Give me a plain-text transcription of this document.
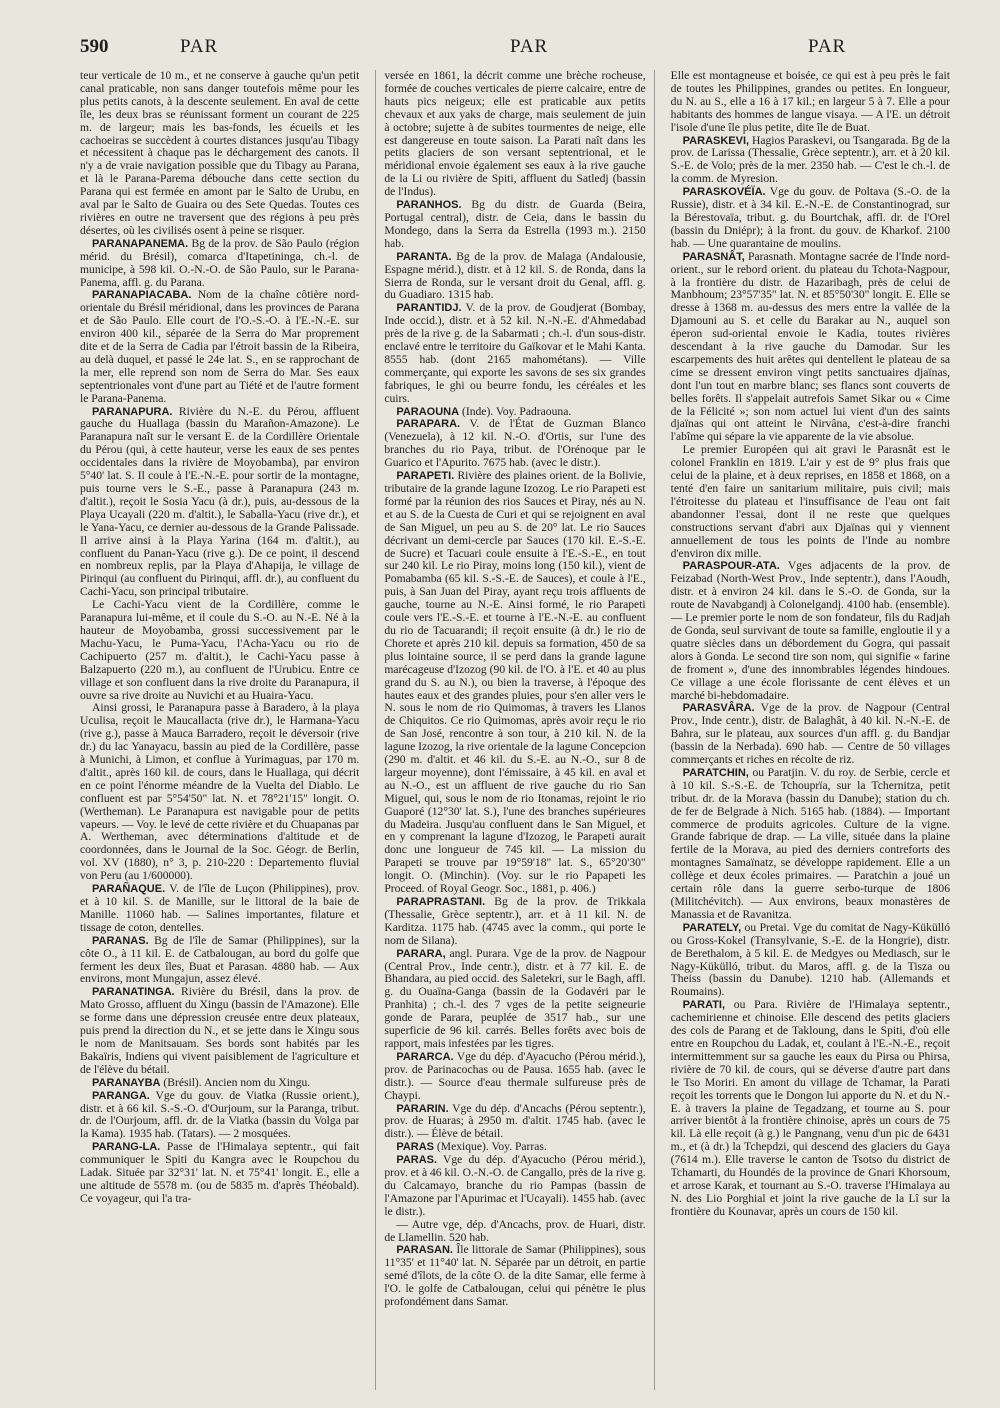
590	PAR	PAR	PAR

teur verticale de 10 m., et ne conserve à gauche qu'un petit canal praticable, non sans danger toutefois même pour les plus petits canots, à la descente seulement. En aval de cette île, les deux bras se réunissant forment un courant de 225 m. de largeur; mais les bas-fonds, les écueils et les cachoeiras se succèdent à courtes distances jusqu'au Tibagy et nécessitent à chaque pas le déchargement des canots. Il n'y a de vraie navigation possible que du Tibagy au Parana, et là le Parana-Parema débouche dans cette section du Parana qui est fermée en amont par le Salto de Urubu, en aval par le Salto de Guaira ou des Sete Quedas. Toutes ces rivières en outre ne traversent que des régions à peu près désertes, où les civilisés osent à peine se risquer.

PARANAPANEMA. Bg de la prov. de São Paulo (région mérid. du Brésil), comarca d'Itapetininga, ch.-l. de municipe, à 598 kil. O.-N.-O. de São Paulo, sur le Parana-Panema, affl. g. du Parana.

PARANAPIACABA. Nom de la chaîne côtière nord-orientale du Brésil méridional, dans les provinces de Parana et de São Paulo. Elle court de l'O.-S.-O. à l'E.-N.-E. sur environ 400 kil., séparée de la Serra do Mar proprement dite et de la Serra de Cadia par l'étroit bassin de la Ribeira, au delà duquel, et passé le 24e lat. S., en se rapprochant de la mer, elle reprend son nom de Serra do Mar. Ses eaux septentrionales vont d'une part au Tiété et de l'autre forment le Parana-Panema.

PARANAPURA. Rivière du N.-E. du Pérou, affluent gauche du Huallaga (bassin du Marañon-Amazone). Le Paranapura naît sur le versant E. de la Cordillère Orientale du Pérou (qui, à cette hauteur, verse les eaux de ses pentes occidentales dans la rivière de Moyobamba), par environ 5°40' lat. S. Il coule à l'E.-N.-E. pour sortir de la montagne, puis tourne vers le S.-E., passe à Paranapura (243 m. d'altit.), reçoit le Sosia Yacu (à dr.), puis, au-dessous de la Playa Ucayali (220 m. d'altit.), le Saballa-Yacu (rive dr.), et le Yana-Yacu, ce dernier au-dessous de la Grande Palissade. Il arrive ainsi à la Playa Yarina (164 m. d'altit.), au confluent du Panan-Yacu (rive g.). De ce point, il descend en nombreux replis, par la Playa d'Ahapija, le village de Pirinqui (au confluent du Pirinqui, affl. dr.), au confluent du Cachi-Yacu, son principal tributaire.

Le Cachi-Yacu vient de la Cordillère, comme le Paranapura lui-même, et il coule du S.-O. au N.-E. Né à la hauteur de Moyobamba, grossi successivement par le Machu-Yacu, le Puma-Yacu, l'Acha-Yacu ou rio de Cachipuerto (257 m. d'altit.), le Cachi-Yacu passe à Balzapuerto (220 m.), au confluent de l'Urubicu. Entre ce village et son confluent dans la rive droite du Paranapura, il ouvre sa rive droite au Nuvichi et au Huaira-Yacu.

Ainsi grossi, le Paranapura passe à Baradero, à la playa Uculisa, reçoit le Maucallacta (rive dr.), le Harmana-Yacu (rive g.), passe à Mauca Barradero, reçoit le déversoir (rive dr.) du lac Yanayacu, bassin au pied de la Cordillère, passe à Munichi, à Limon, et conflue à Yurimaguas, par 170 m. d'altit., après 160 kil. de cours, dans le Huallaga, qui décrit en ce point l'énorme méandre de la Vuelta del Diablo. Le confluent est par 5°54'50" lat. N. et 78°21'15" longit. O. (Wertheman). Le Paranapura est navigable pour de petits vapeurs. — Voy. le levé de cette rivière et du Chuapanas par A. Wertheman, avec déterminations d'altitude et de coordonnées, dans le Journal de la Soc. Géogr. de Berlin, vol. XV (1880), n° 3, p. 210-220 : Departemento fluvial von Peru (au 1/600000).

PARAÑAQUE. V. de l'île de Luçon (Philippines), prov. et à 10 kil. S. de Manille, sur le littoral de la baie de Manille. 11060 hab. — Salines importantes, filature et tissage de coton, dentelles.

PARANAS. Bg de l'île de Samar (Philippines), sur la côte O., à 11 kil. E. de Catbalougan, au bord du golfe que ferment les deux îles, Buat et Parasan. 4880 hab. — Aux environs, mont Mungajun, assez élevé.

PARANATINGA. Rivière du Brésil, dans la prov. de Mato Grosso, affluent du Xingu (bassin de l'Amazone). Elle se forme dans une dépression creusée entre deux plateaux, puis prend la direction du N., et se jette dans le Xingu sous le nom de Manitsauam. Ses bords sont habités par les Bakaïris, Indiens qui vivent paisiblement de l'agriculture et de l'élève du bétail.

PARANAYBA (Brésil). Ancien nom du Xingu.

PARANGA. Vge du gouv. de Viatka (Russie orient.), distr. et à 66 kil. S.-S.-O. d'Ourjoum, sur la Paranga, tribut. dr. de l'Ourjoum, affl. dr. de la Viatka (bassin du Volga par la Kama). 1935 hab. (Tatars). — 2 mosquées.

PARANG-LA. Passe de l'Himalaya septentr., qui fait communiquer le Spiti du Kangra avec le Roupchou du Ladak. Située par 32°31' lat. N. et 75°41' longit. E., elle a une altitude de 5578 m. (ou de 5835 m. d'après Théobald). Ce voyageur, qui l'a tra-

versée en 1861, la décrit comme une brèche rocheuse, formée de couches verticales de pierre calcaire, entre de hauts pics neigeux; elle est praticable aux petits chevaux et aux yaks de charge, mais seulement de juin à octobre; sujette à de subites tourmentes de neige, elle est dangereuse en toute saison. La Parati naît dans les petits glaciers de son versant septentrional, et le méridional envoie également ses eaux à la rive gauche de la Li ou rivière de Spiti, affluent du Satledj (bassin de l'Indus).

PARANHOS. Bg du distr. de Guarda (Beira, Portugal central), distr. de Ceia, dans le bassin du Mondego, dans la Serra da Estrella (1993 m.). 2150 hab.

PARANTA. Bg de la prov. de Malaga (Andalousie, Espagne mérid.), distr. et à 12 kil. S. de Ronda, dans la Sierra de Ronda, sur le versant droit du Genal, affl. g. du Guadiaro. 1315 hab.

PARANTIDJ. V. de la prov. de Goudjerat (Bombay, Inde occid.), distr. et à 52 kil. N.-N.-E. d'Ahmedabad près de la rive g. de la Sabarmati ; ch.-l. d'un sous-distr. enclavé entre le territoire du Gaïkovar et le Mahi Kanta. 8555 hab. (dont 2165 mahométans). — Ville commerçante, qui exporte les savons de ses six grandes fabriques, le ghi ou beurre fondu, les céréales et les cuirs.

PARAOUNA (Inde). Voy. Padraouna.

PARAPARA. V. de l'État de Guzman Blanco (Venezuela), à 12 kil. N.-O. d'Ortis, sur l'une des branches du rio Paya, tribut. de l'Orénoque par le Guarico et l'Apurito. 7675 hab. (avec le distr.).

PARAPETI. Rivière des plaines orient. de la Bolivie, tributaire de la grande lagune Izozog. Le rio Parapeti est formé par la réunion des rios Sauces et Piray, nés au N. et au S. de la Cuesta de Curi et qui se rejoignent en aval de San Miguel, un peu au S. de 20° lat. Le rio Sauces décrivant un demi-cercle par Sauces (170 kil. E.-S.-E. de Sucre) et Tacuari coule ensuite à l'E.-S.-E., en tout sur 240 kil. Le rio Piray, moins long (150 kil.), vient de Pomabamba (65 kil. S.-S.-E. de Sauces), et coule à l'E., puis, à San Juan del Piray, ayant reçu trois affluents de gauche, tourne au N.-E. Ainsi formé, le rio Parapeti coule vers l'E.-S.-E. et tourne à l'E.-N.-E. au confluent du rio de Tacuarandi; il reçoit ensuite (à dr.) le rio de Chorete et après 210 kil. depuis sa formation, 450 de sa plus lointaine source, il se perd dans la grande lagune marécageuse d'Izozog (90 kil. de l'O. à l'E. et 40 au plus grand du S. au N.), ou bien la traverse, à l'époque des hautes eaux et des grandes pluies, pour s'en aller vers le N. sous le nom de rio Quimomas, à travers les Llanos de Chiquitos. Ce rio Quimomas, après avoir reçu le rio de San José, rencontre à son tour, à 210 kil. N. de la lagune Izozog, la rive orientale de la lagune Concepcion (290 m. d'altit. et 46 kil. du S.-E. au N.-O., sur 8 de largeur moyenne), dont l'émissaire, à 45 kil. en aval et au N.-O., est un affluent de rive gauche du rio San Miguel, qui, sous le nom de rio Itonamas, rejoint le rio Guaporé (12°30' lat. S.), l'une des branches supérieures du Madeira. Jusqu'au confluent dans le San Miguel, et en y comprenant la lagune d'Izozog, le Parapeti aurait donc une longueur de 745 kil. — La mission du Parapeti se trouve par 19°59'18" lat. S., 65°20'30" longit. O. (Minchin). (Voy. sur le rio Papapeti les Proceed. of Royal Geogr. Soc., 1881, p. 406.)

PARAPRASTANI. Bg de la prov. de Trikkala (Thessalie, Grèce septentr.), arr. et à 11 kil. N. de Karditza. 1175 hab. (4745 avec la comm., qui porte le nom de Silana).

PARARA, angl. Purara. Vge de la prov. de Nagpour (Central Prov., Inde centr.), distr. et à 77 kil. E. de Bhandara, au pied occid. des Saletekri, sur le Bagh, affl. g. du Ouaïna-Ganga (bassin de la Godavéri par le Pranhita) ; ch.-l. des 7 vges de la petite seigneurie gonde de Parara, peuplée de 3517 hab., sur une superficie de 96 kil. carrés. Belles forêts avec bois de rapport, mais infestées par les tigres.

PARARCA. Vge du dép. d'Ayacucho (Pérou mérid.), prov. de Parinacochas ou de Pausa. 1655 hab. (avec le distr.). — Source d'eau thermale sulfureuse près de Chaypi.

PARARIN. Vge du dép. d'Ancachs (Pérou septentr.), prov. de Huaras; à 2950 m. d'altit. 1745 hab. (avec le distr.). — Élève de bétail.

PARAS (Mexique). Voy. Parras.

PARAS. Vge du dép. d'Ayacucho (Pérou mérid.), prov. et à 46 kil. O.-N.-O. de Cangallo, près de la rive g. du Calcamayo, branche du rio Pampas (bassin de l'Amazone par l'Apurimac et l'Ucayali). 1455 hab. (avec le distr.).

— Autre vge, dép. d'Ancachs, prov. de Huari, distr. de Llamellin. 520 hab.

PARASAN. Île littorale de Samar (Philippines), sous 11°35' et 11°40' lat. N. Séparée par un détroit, en partie semé d'îlots, de la côte O. de la dite Samar, elle ferme à l'O. le golfe de Catbalougan, celui qui pénètre le plus profondément dans Samar.

Elle est montagneuse et boisée, ce qui est à peu près le fait de toutes les Philippines, grandes ou petites. En longueur, du N. au S., elle a 16 à 17 kil.; en largeur 5 à 7. Elle a pour habitants des hommes de langue visaya. — A l'E. un détroit l'isole d'une île plus petite, dite île de Buat.

PARASKEVI, Hagios Paraskevi, ou Tsangarada. Bg de la prov. de Larissa (Thessalie, Grèce septentr.), arr. et à 20 kil. S.-E. de Volo; près de la mer. 2350 hab. — C'est le ch.-l. de la comm. de Myresion.

PARASKOVÉÏA. Vge du gouv. de Poltava (S.-O. de la Russie), distr. et à 34 kil. E.-N.-E. de Constantinograd, sur la Bérestovaïa, tribut. g. du Bourtchak, affl. dr. de l'Orel (bassin du Dniépr); à la front. du gouv. de Kharkof. 2100 hab. — Une quarantaine de moulins.

PARASNÂT, Parasnath. Montagne sacrée de l'Inde nord-orient., sur le rebord orient. du plateau du Tchota-Nagpour, à la frontière du distr. de Hazaribagh, près de celui de Manbhoum; 23°57'35" lat. N. et 85°50'30" longit. E. Elle se dresse à 1368 m. au-dessus des mers entre la vallée de la Djamouni au S. et celle du Barakar au N., auquel son éperon sud-oriental envoie le Kadia, toutes rivières descendant à la rive gauche du Damodar. Sur les escarpements des huit arêtes qui dentellent le plateau de sa cime se dressent environ vingt petits sanctuaires djaïnas, dont l'un tout en marbre blanc; ses flancs sont couverts de belles forêts. Il s'appelait autrefois Samet Sikar ou « Cime de la Félicité »; son nom actuel lui vient d'un des saints djaïnas qui ont atteint le Nirvâna, c'est-à-dire franchi l'abîme qui sépare la vie apparente de la vie absolue.

Le premier Européen qui ait gravi le Parasnât est le colonel Franklin en 1819. L'air y est de 9° plus frais que celui de la plaine, et à deux reprises, en 1858 et 1868, on a tenté d'en faire un sanitarium militaire, puis civil; mais l'étroitesse du plateau et l'insuffisance de l'eau ont fait abandonner l'essai, dont il ne reste que quelques constructions servant d'abri aux Djaïnas qui y viennent annuellement de tous les points de l'Inde au nombre d'environ dix mille.

PARASPOUR-ATA. Vges adjacents de la prov. de Feizabad (North-West Prov., Inde septentr.), dans l'Aoudh, distr. et à environ 24 kil. dans le S.-O. de Gonda, sur la route de Navabgandj à Colonelgandj. 4100 hab. (ensemble). — Le premier porte le nom de son fondateur, fils du Radjah de Gonda, seul survivant de toute sa famille, engloutie il y a quatre siècles dans un débordement du Gogra, qui passait alors à Gonda. Le second tire son nom, qui signifie « farine de froment », d'une des innombrables légendes hindoues. Ce village a une école florissante de cent élèves et un marché bi-hebdomadaire.

PARASVÂRA. Vge de la prov. de Nagpour (Central Prov., Inde centr.), distr. de Balaghât, à 40 kil. N.-N.-E. de Bahra, sur le plateau, aux sources d'un affl. g. du Bandjar (bassin de la Nerbada). 690 hab. — Centre de 50 villages commerçants et riches en récolte de riz.

PARATCHIN, ou Paratjin. V. du roy. de Serbie, cercle et à 10 kil. S.-S.-E. de Tchouprïa, sur la Tchernitza, petit tribut. dr. de la Morava (bassin du Danube); station du ch. de fer de Belgrade à Nich. 5165 hab. (1884). — Important commerce de produits agricoles. Culture de la vigne. Grande fabrique de drap. — La ville, située dans la plaine fertile de la Morava, au pied des derniers contreforts des montagnes Samaïnatz, se développe rapidement. Elle a un collège et deux écoles primaires. — Paratchin a joué un certain rôle dans la guerre serbo-turque de 1806 (Militchévitch). — Aux environs, beaux monastères de Manassia et de Ravanitza.

PARATELY, ou Pretai. Vge du comitat de Nagy-Kükülló ou Gross-Kokel (Transylvanie, S.-E. de la Hongrie), distr. de Berethalom, à 5 kil. E. de Medgyes ou Mediasch, sur le Nagy-Kükülló, tribut. du Maros, affl. g. de la Tisza ou Theiss (bassin du Danube). 1210 hab. (Allemands et Roumains).

PARATI, ou Para. Rivière de l'Himalaya septentr., cachemirienne et chinoise. Elle descend des petits glaciers des cols de Parang et de Takloung, dans le Spiti, d'où elle entre en Roupchou du Ladak, et, coulant à l'E.-N.-E., reçoit intermittemment sur sa gauche les eaux du Pirsa ou Phirsa, rivière de 70 kil. de cours, qui se déverse d'autre part dans le Tso Moriri. En amont du village de Tchamar, la Parati reçoit les torrents que le Dongon lui apporte du N. et du N.-E. à travers la plaine de Tegadzang, et tourne au S. pour arriver bientôt à la frontière chinoise, après un cours de 75 kil. Là elle reçoit (à g.) le Pangnang, venu d'un pic de 6431 m., et (à dr.) la Tchepdzi, qui descend des glaciers du Gaya (7614 m.). Elle traverse le canton de Tsotso du district de Tchamarti, du Houndés de la province de Gnari Khorsoum, et arrose Karak, et tournant au S.-O. traverse l'Himalaya au N. des Lio Porghial et joint la rive gauche de la Lî sur la frontière du Kounavar, après un cours de 150 kil.
